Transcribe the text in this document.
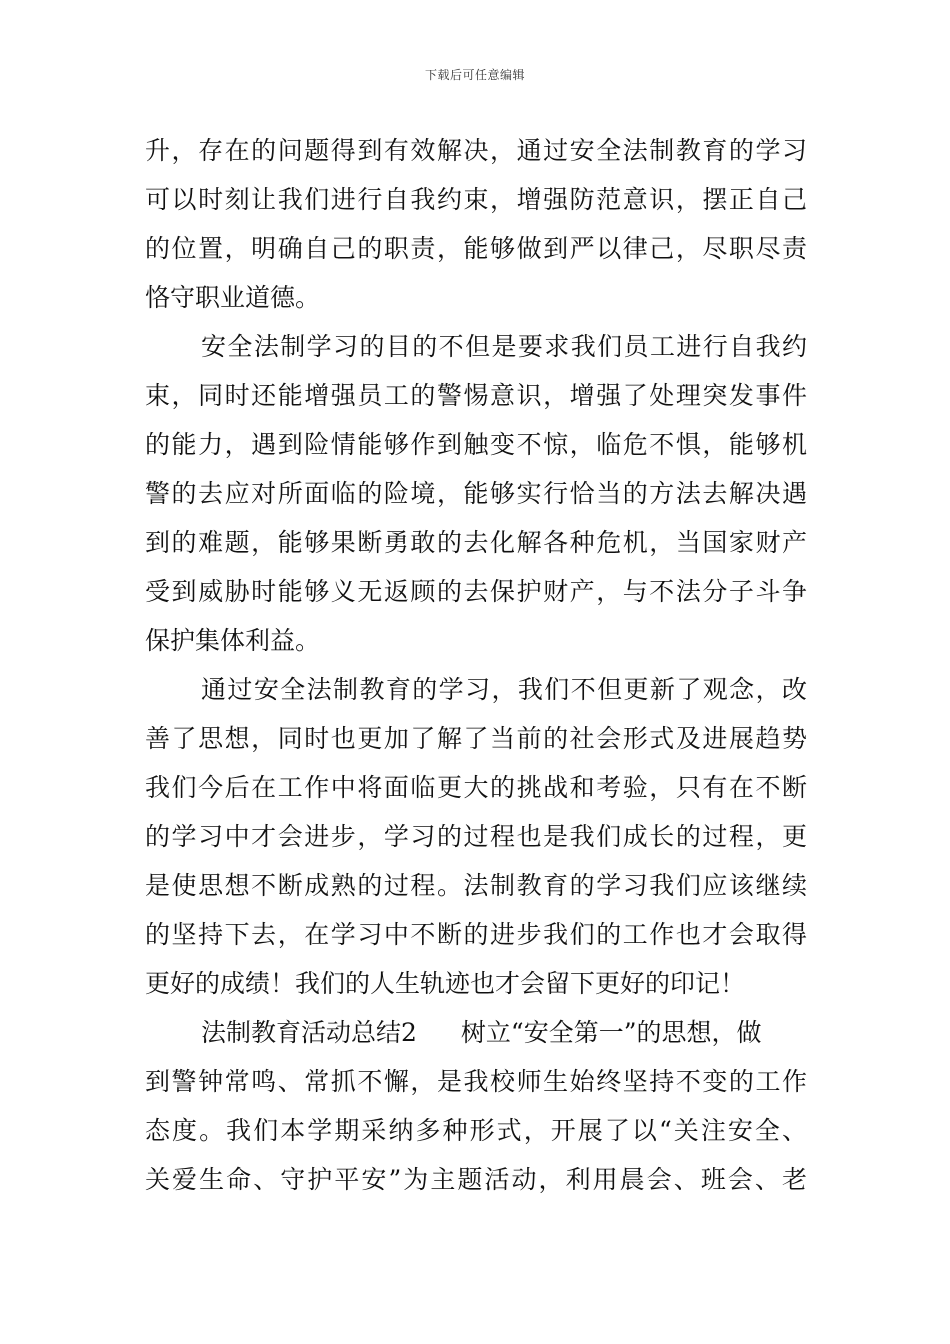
下载后可任意编辑
升，存在的问题得到有效解决，通过安全法制教育的学习
可以时刻让我们进行自我约束，增强防范意识，摆正自己
的位置，明确自己的职责，能够做到严以律己，尽职尽责
恪守职业道德。
安全法制学习的目的不但是要求我们员工进行自我约
束，同时还能增强员工的警惕意识，增强了处理突发事件
的能力，遇到险情能够作到触变不惊，临危不惧，能够机
警的去应对所面临的险境，能够实行恰当的方法去解决遇
到的难题，能够果断勇敢的去化解各种危机，当国家财产
受到威胁时能够义无返顾的去保护财产，与不法分子斗争
保护集体利益。
通过安全法制教育的学习，我们不但更新了观念，改
善了思想，同时也更加了解了当前的社会形式及进展趋势
我们今后在工作中将面临更大的挑战和考验，只有在不断
的学习中才会进步，学习的过程也是我们成长的过程，更
是使思想不断成熟的过程。法制教育的学习我们应该继续
的坚持下去，在学习中不断的进步我们的工作也才会取得
更好的成绩！我们的人生轨迹也才会留下更好的印记！
法制教育活动总结2 树立“安全第一”的思想，做
到警钟常鸣、常抓不懈，是我校师生始终坚持不变的工作
态度。我们本学期采纳多种形式，开展了以“关注安全、
关爱生命、守护平安”为主题活动，利用晨会、班会、老
